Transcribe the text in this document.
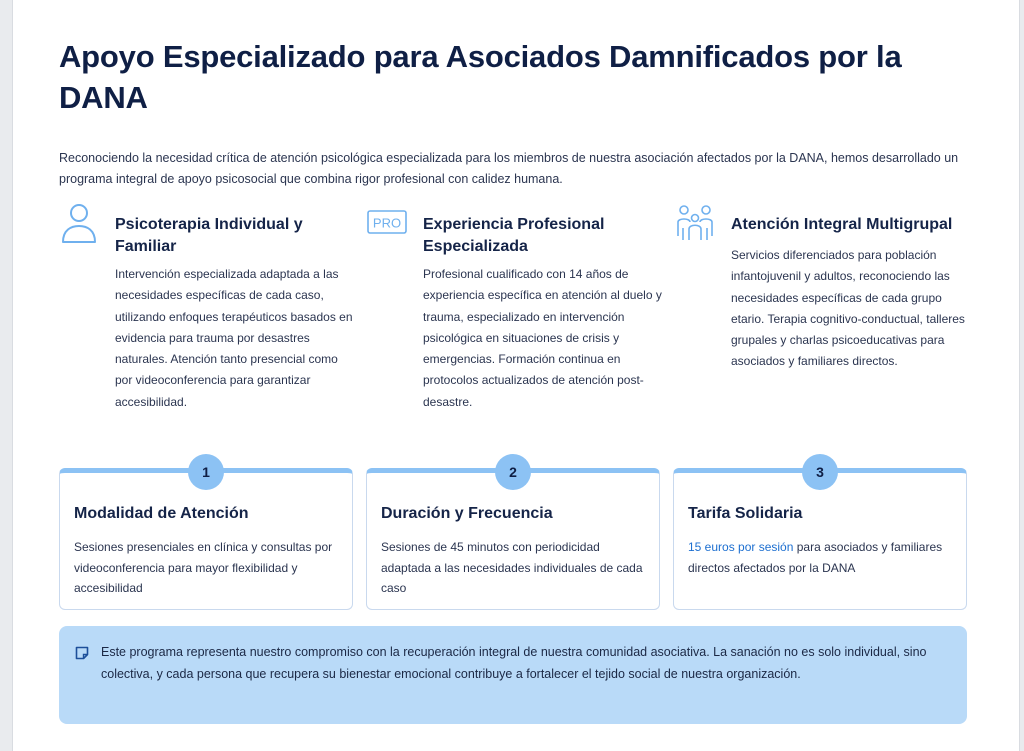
Apoyo Especializado para Asociados Damnificados por la DANA

Reconociendo la necesidad crítica de atención psicológica especializada para los miembros de nuestra asociación afectados por la DANA, hemos desarrollado un programa integral de apoyo psicosocial que combina rigor profesional con calidez humana.

Psicoterapia Individual y Familiar

Intervención especializada adaptada a las necesidades específicas de cada caso, utilizando enfoques terapéuticos basados en evidencia para trauma por desastres naturales. Atención tanto presencial como por videoconferencia para garantizar accesibilidad.

PRO Experiencia Profesional Especializada

Profesional cualificado con 14 años de experiencia específica en atención al duelo y trauma, especializado en intervención psicológica en situaciones de crisis y emergencias. Formación continua en protocolos actualizados de atención post-desastre.

Atención Integral Multigrupal

Servicios diferenciados para población infantojuvenil y adultos, reconociendo las necesidades específicas de cada grupo etario. Terapia cognitivo-conductual, talleres grupales y charlas psicoeducativas para asociados y familiares directos.

1
Modalidad de Atención

Sesiones presenciales en clínica y consultas por videoconferencia para mayor flexibilidad y accesibilidad

2
Duración y Frecuencia

Sesiones de 45 minutos con periodicidad adaptada a las necesidades individuales de cada caso

3
Tarifa Solidaria

15 euros por sesión para asociados y familiares directos afectados por la DANA

Este programa representa nuestro compromiso con la recuperación integral de nuestra comunidad asociativa. La sanación no es solo individual, sino colectiva, y cada persona que recupera su bienestar emocional contribuye a fortalecer el tejido social de nuestra organización.
